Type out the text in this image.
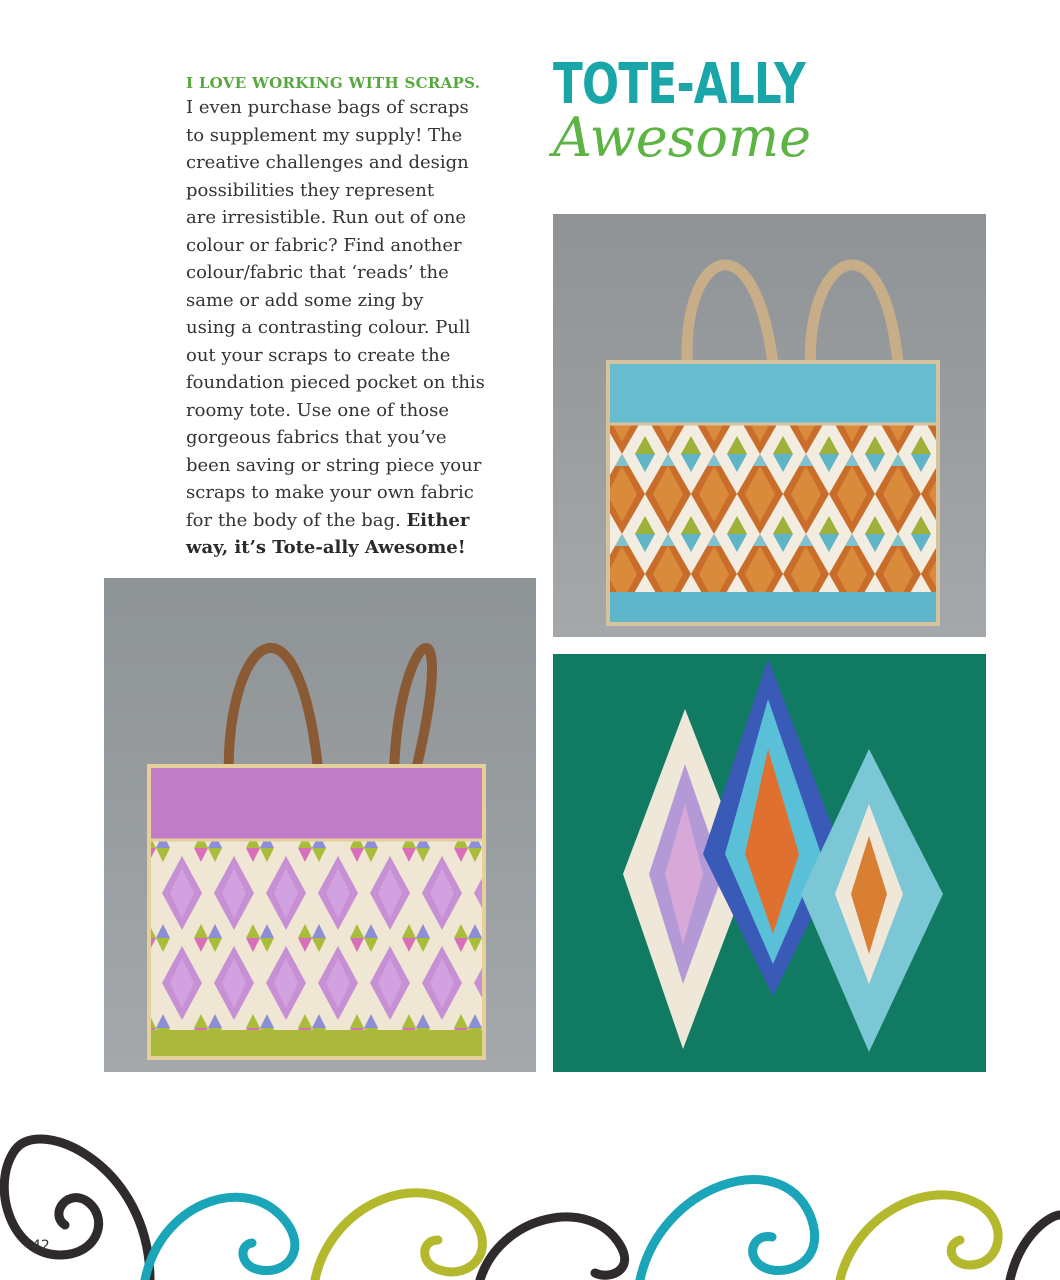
I LOVE WORKING WITH SCRAPS.

I even purchase bags of scraps
to supplement my supply! The
creative challenges and design
possibilities they represent
are irresistible. Run out of one
colour or fabric? Find another
colour/fabric that ‘reads’ the
same or add some zing by
using a contrasting colour. Pull
out your scraps to create the
foundation pieced pocket on this
roomy tote. Use one of those
gorgeous fabrics that you’ve
been saving or string piece your
scraps to make your own fabric
for the body of the bag. Either
way, it’s Tote-ally Awesome!

TOTE-ALLY
Awesome
42
